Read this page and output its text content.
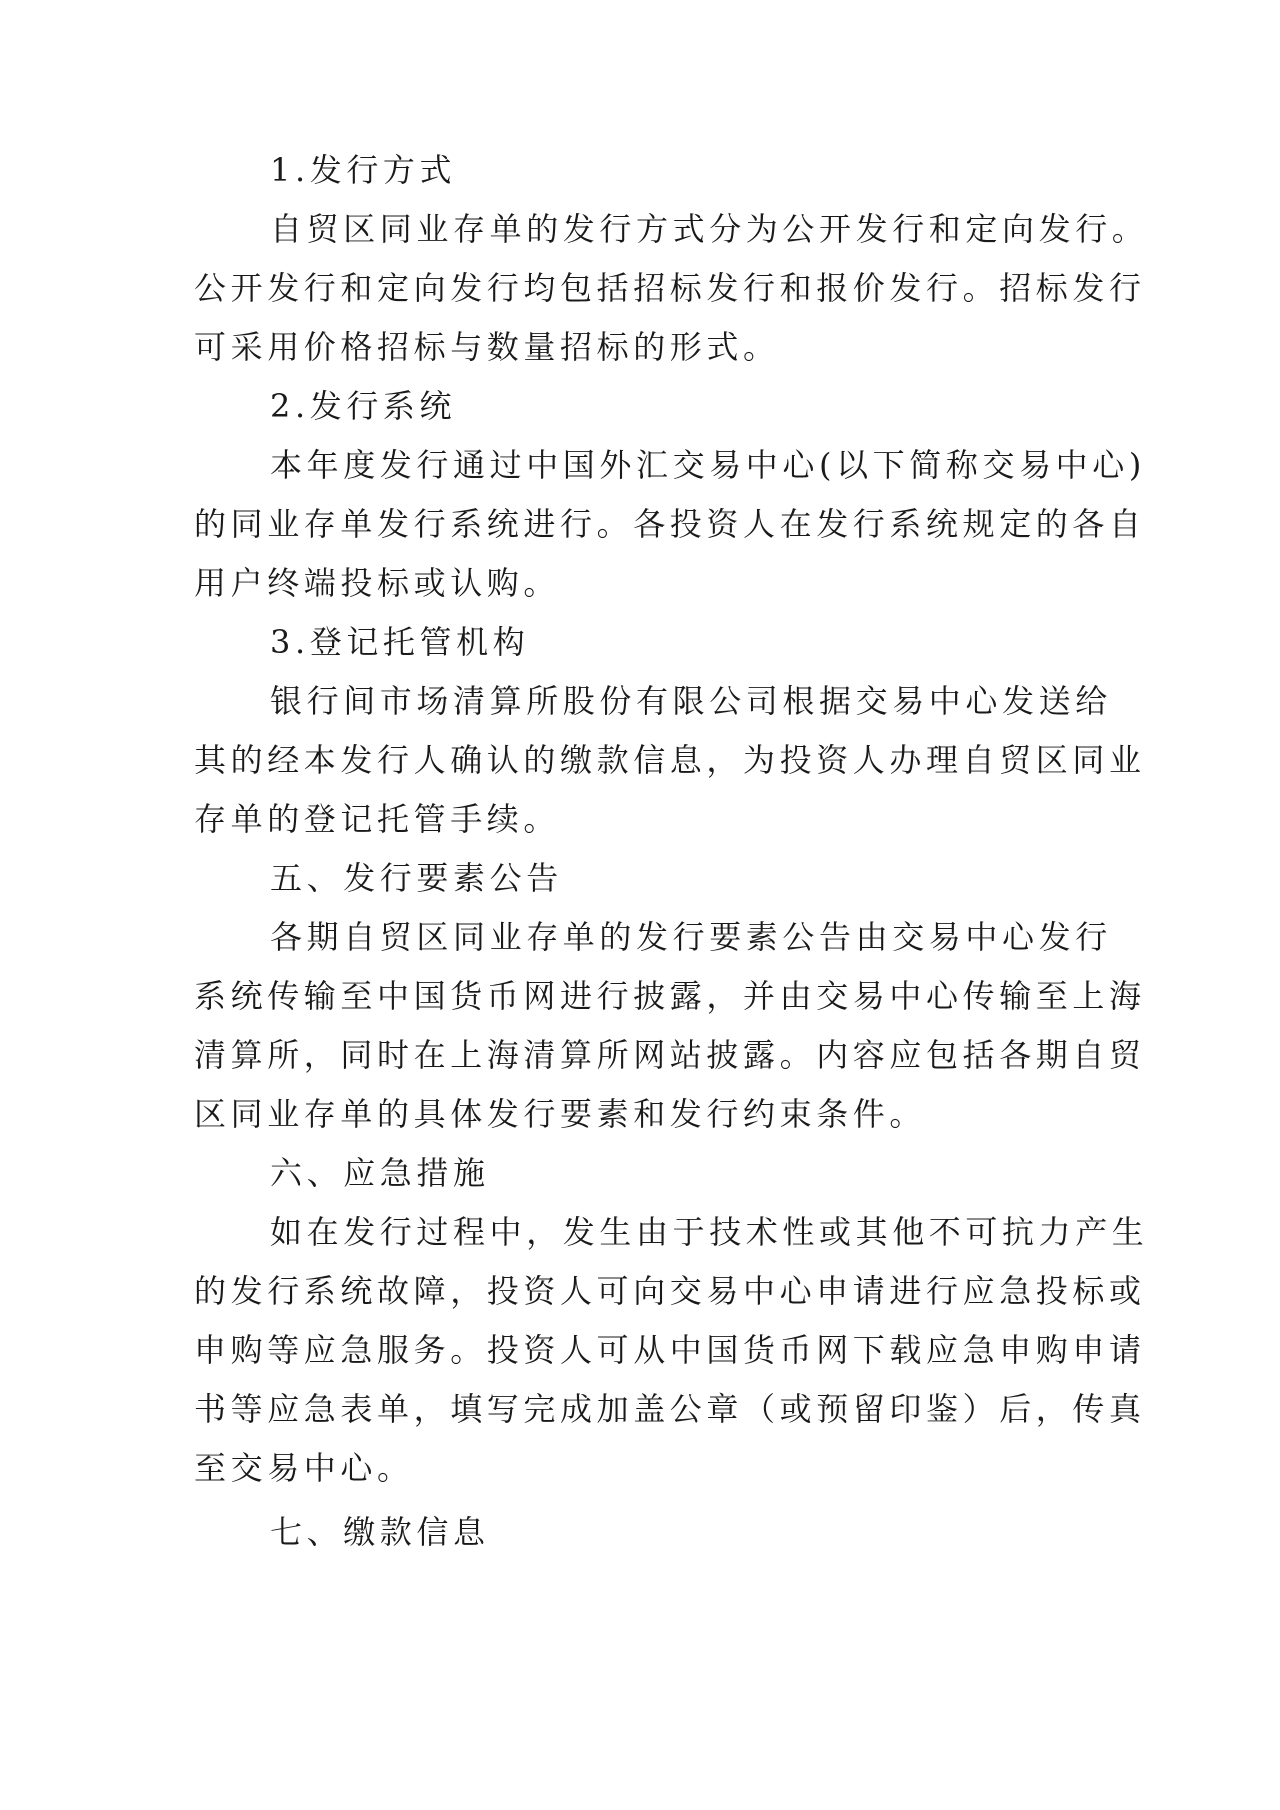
1.发行方式
自贸区同业存单的发行方式分为公开发行和定向发行。
公开发行和定向发行均包括招标发行和报价发行。招标发行
可采用价格招标与数量招标的形式。
2.发行系统
本年度发行通过中国外汇交易中心(以下简称交易中心)
的同业存单发行系统进行。各投资人在发行系统规定的各自
用户终端投标或认购。
3.登记托管机构
银行间市场清算所股份有限公司根据交易中心发送给
其的经本发行人确认的缴款信息，为投资人办理自贸区同业
存单的登记托管手续。
五、发行要素公告
各期自贸区同业存单的发行要素公告由交易中心发行
系统传输至中国货币网进行披露，并由交易中心传输至上海
清算所，同时在上海清算所网站披露。内容应包括各期自贸
区同业存单的具体发行要素和发行约束条件。
六、应急措施
如在发行过程中，发生由于技术性或其他不可抗力产生
的发行系统故障，投资人可向交易中心申请进行应急投标或
申购等应急服务。投资人可从中国货币网下载应急申购申请
书等应急表单，填写完成加盖公章（或预留印鉴）后，传真
至交易中心。
七、缴款信息
